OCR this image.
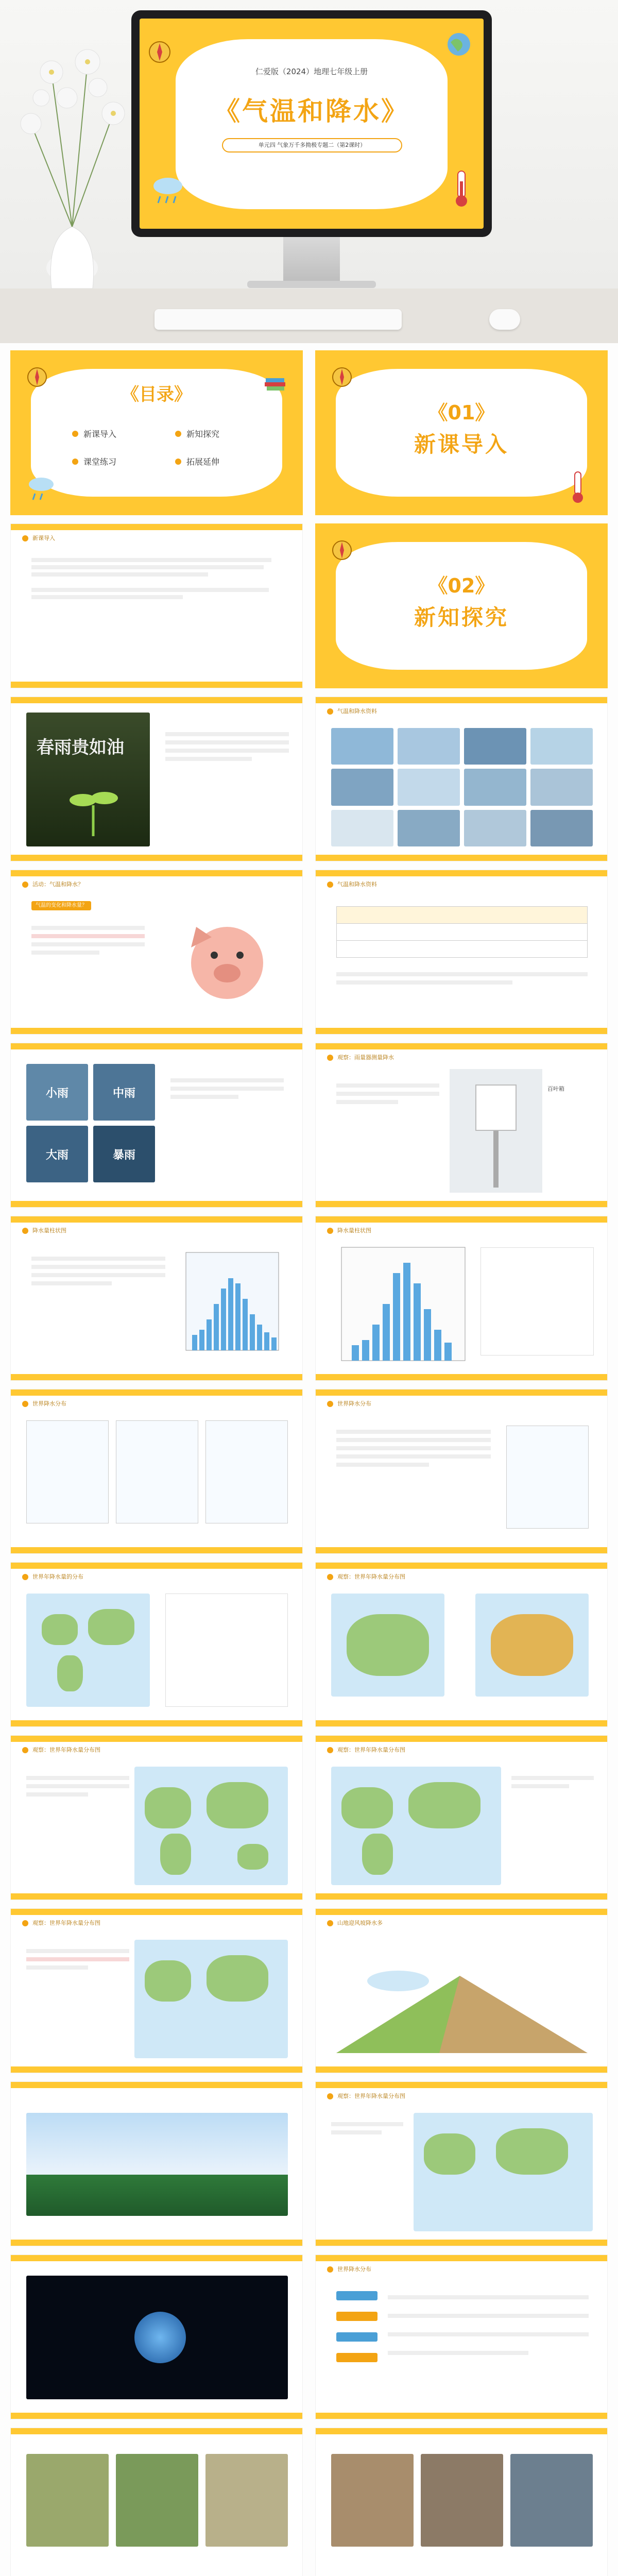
仁爱版（2024）地理七年级上册
《气温和降水》
单元四 气象万千多拗极专题二（第2课时）
《目录》
新课导入	新知探究
课堂练习	拓展延伸
《01》
新课导入
新课导入
《02》
新知探究
春雨贵如油
气温和降水资料
活动：气温和降水？
气温的变化和降水量？
气温和降水资料
小雨	中雨
大雨	暴雨
观察：雨量器测量降水
百叶箱
降水量柱状图	降水量柱状图
世界降水分布	世界降水分布
世界年降水量的分布	观察：世界年降水量分布图
观察：世界年降水量分布图	观察：世界年降水量分布图
观察：世界年降水量分布图	山地迎风坡降水多
观察：世界年降水量分布图
世界降水分布
